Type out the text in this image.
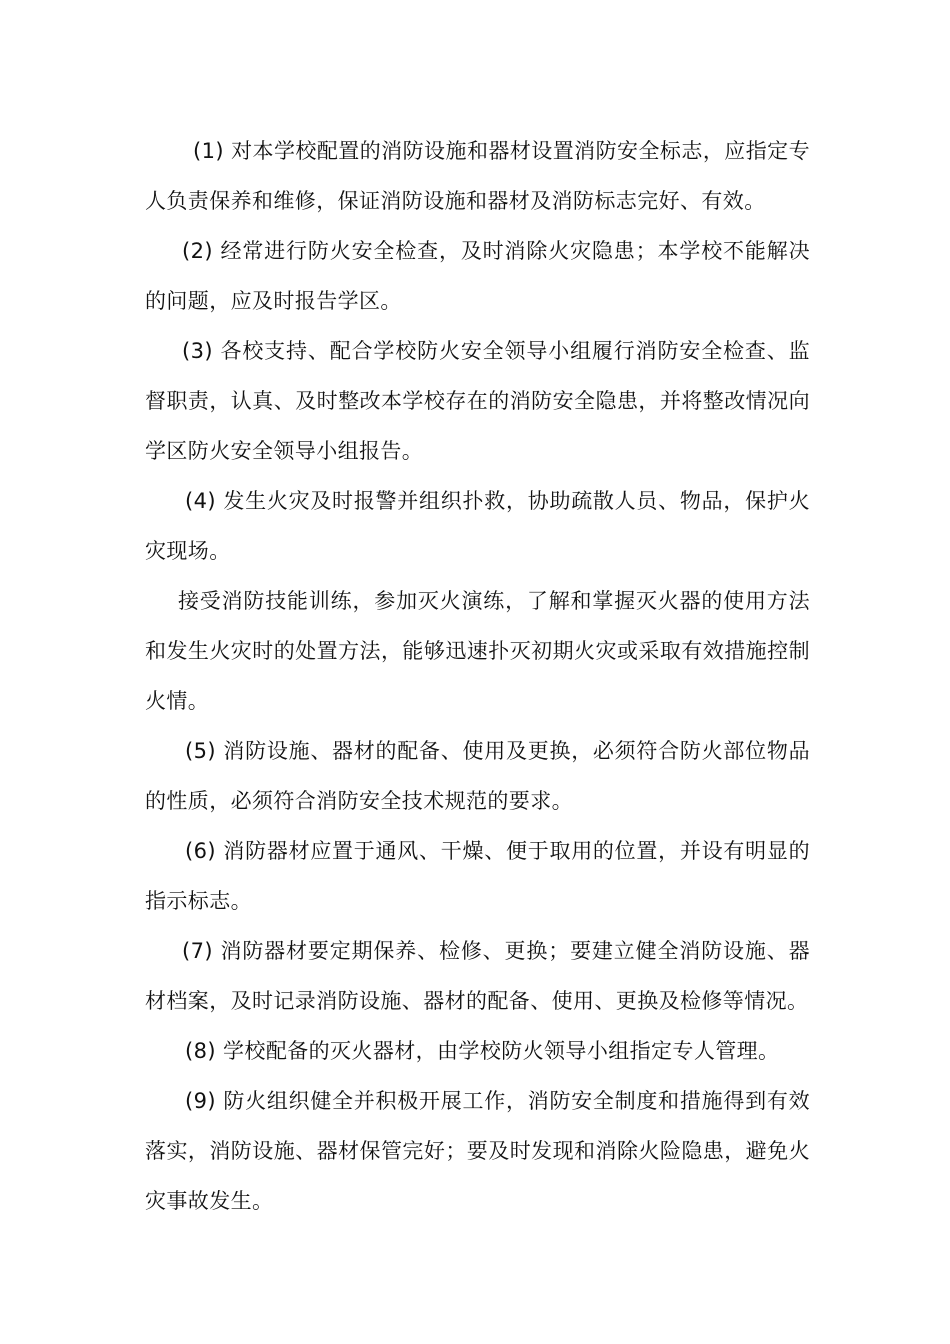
(1) 对本学校配置的消防设施和器材设置消防安全标志，应指定专人负责保养和维修，保证消防设施和器材及消防标志完好、有效。

(2) 经常进行防火安全检查，及时消除火灾隐患；本学校不能解决的问题，应及时报告学区。

(3) 各校支持、配合学校防火安全领导小组履行消防安全检查、监督职责，认真、及时整改本学校存在的消防安全隐患，并将整改情况向学区防火安全领导小组报告。

(4) 发生火灾及时报警并组织扑救，协助疏散人员、物品，保护火灾现场。

接受消防技能训练，参加灭火演练，了解和掌握灭火器的使用方法和发生火灾时的处置方法，能够迅速扑灭初期火灾或采取有效措施控制火情。

(5) 消防设施、器材的配备、使用及更换，必须符合防火部位物品的性质，必须符合消防安全技术规范的要求。

(6) 消防器材应置于通风、干燥、便于取用的位置，并设有明显的指示标志。

(7) 消防器材要定期保养、检修、更换；要建立健全消防设施、器材档案，及时记录消防设施、器材的配备、使用、更换及检修等情况。

(8) 学校配备的灭火器材，由学校防火领导小组指定专人管理。

(9) 防火组织健全并积极开展工作，消防安全制度和措施得到有效落实，消防设施、器材保管完好；要及时发现和消除火险隐患，避免火灾事故发生。
